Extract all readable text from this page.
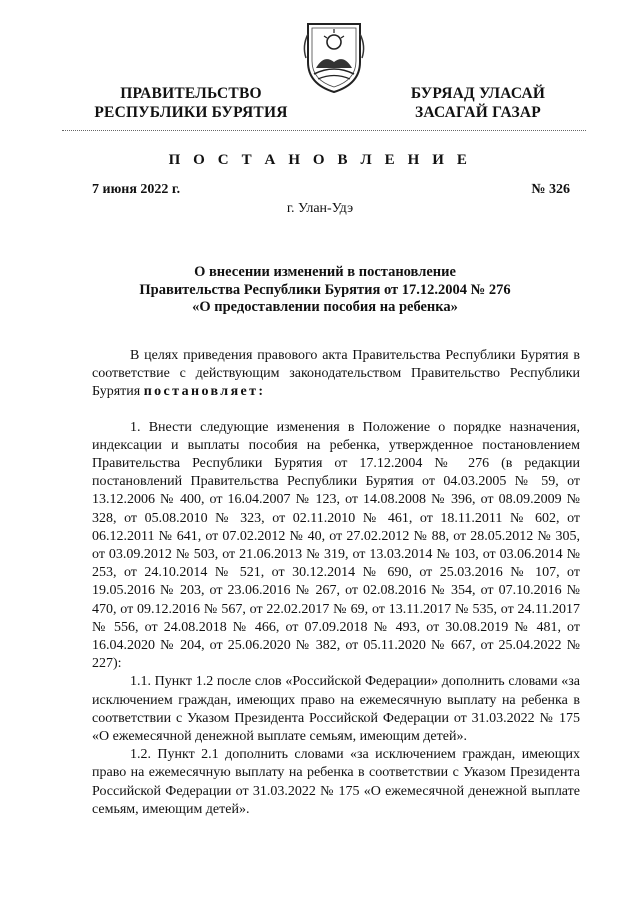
ПРАВИТЕЛЬСТВО
РЕСПУБЛИКИ БУРЯТИЯ
БУРЯАД УЛАСАЙ
ЗАСАГАЙ ГАЗАР
П О С Т А Н О В Л Е Н И Е
7 июня 2022 г.	№ 326
г. Улан-Удэ
О внесении изменений в постановление
Правительства Республики Бурятия от 17.12.2004 № 276
«О предоставлении пособия на ребенка»

В целях приведения правового акта Правительства Республики Бурятия в соответствие с действующим законодательством Правительство Республики Бурятия постановляет:

1. Внести следующие изменения в Положение о порядке назначения, индексации и выплаты пособия на ребенка, утвержденное постановлением Правительства Республики Бурятия от 17.12.2004 № 276 (в редакции постановлений Правительства Республики Бурятия от 04.03.2005 № 59, от 13.12.2006 № 400, от 16.04.2007 № 123, от 14.08.2008 № 396, от 08.09.2009 № 328, от 05.08.2010 № 323, от 02.11.2010 № 461, от 18.11.2011 № 602, от 06.12.2011 № 641, от 07.02.2012 № 40, от 27.02.2012 № 88, от 28.05.2012 № 305, от 03.09.2012 № 503, от 21.06.2013 № 319, от 13.03.2014 № 103, от 03.06.2014 № 253, от 24.10.2014 № 521, от 30.12.2014 № 690, от 25.03.2016 № 107, от 19.05.2016 № 203, от 23.06.2016 № 267, от 02.08.2016 № 354, от 07.10.2016 № 470, от 09.12.2016 № 567, от 22.02.2017 № 69, от 13.11.2017 № 535, от 24.11.2017 № 556, от 24.08.2018 № 466, от 07.09.2018 № 493, от 30.08.2019 № 481, от 16.04.2020 № 204, от 25.06.2020 № 382, от 05.11.2020 № 667, от 25.04.2022 № 227):

1.1. Пункт 1.2 после слов «Российской Федерации» дополнить словами «за исключением граждан, имеющих право на ежемесячную выплату на ребенка в соответствии с Указом Президента Российской Федерации от 31.03.2022 № 175 «О ежемесячной денежной выплате семьям, имеющим детей».

1.2. Пункт 2.1 дополнить словами «за исключением граждан, имеющих право на ежемесячную выплату на ребенка в соответствии с Указом Президента Российской Федерации от 31.03.2022 № 175 «О ежемесячной денежной выплате семьям, имеющим детей».
